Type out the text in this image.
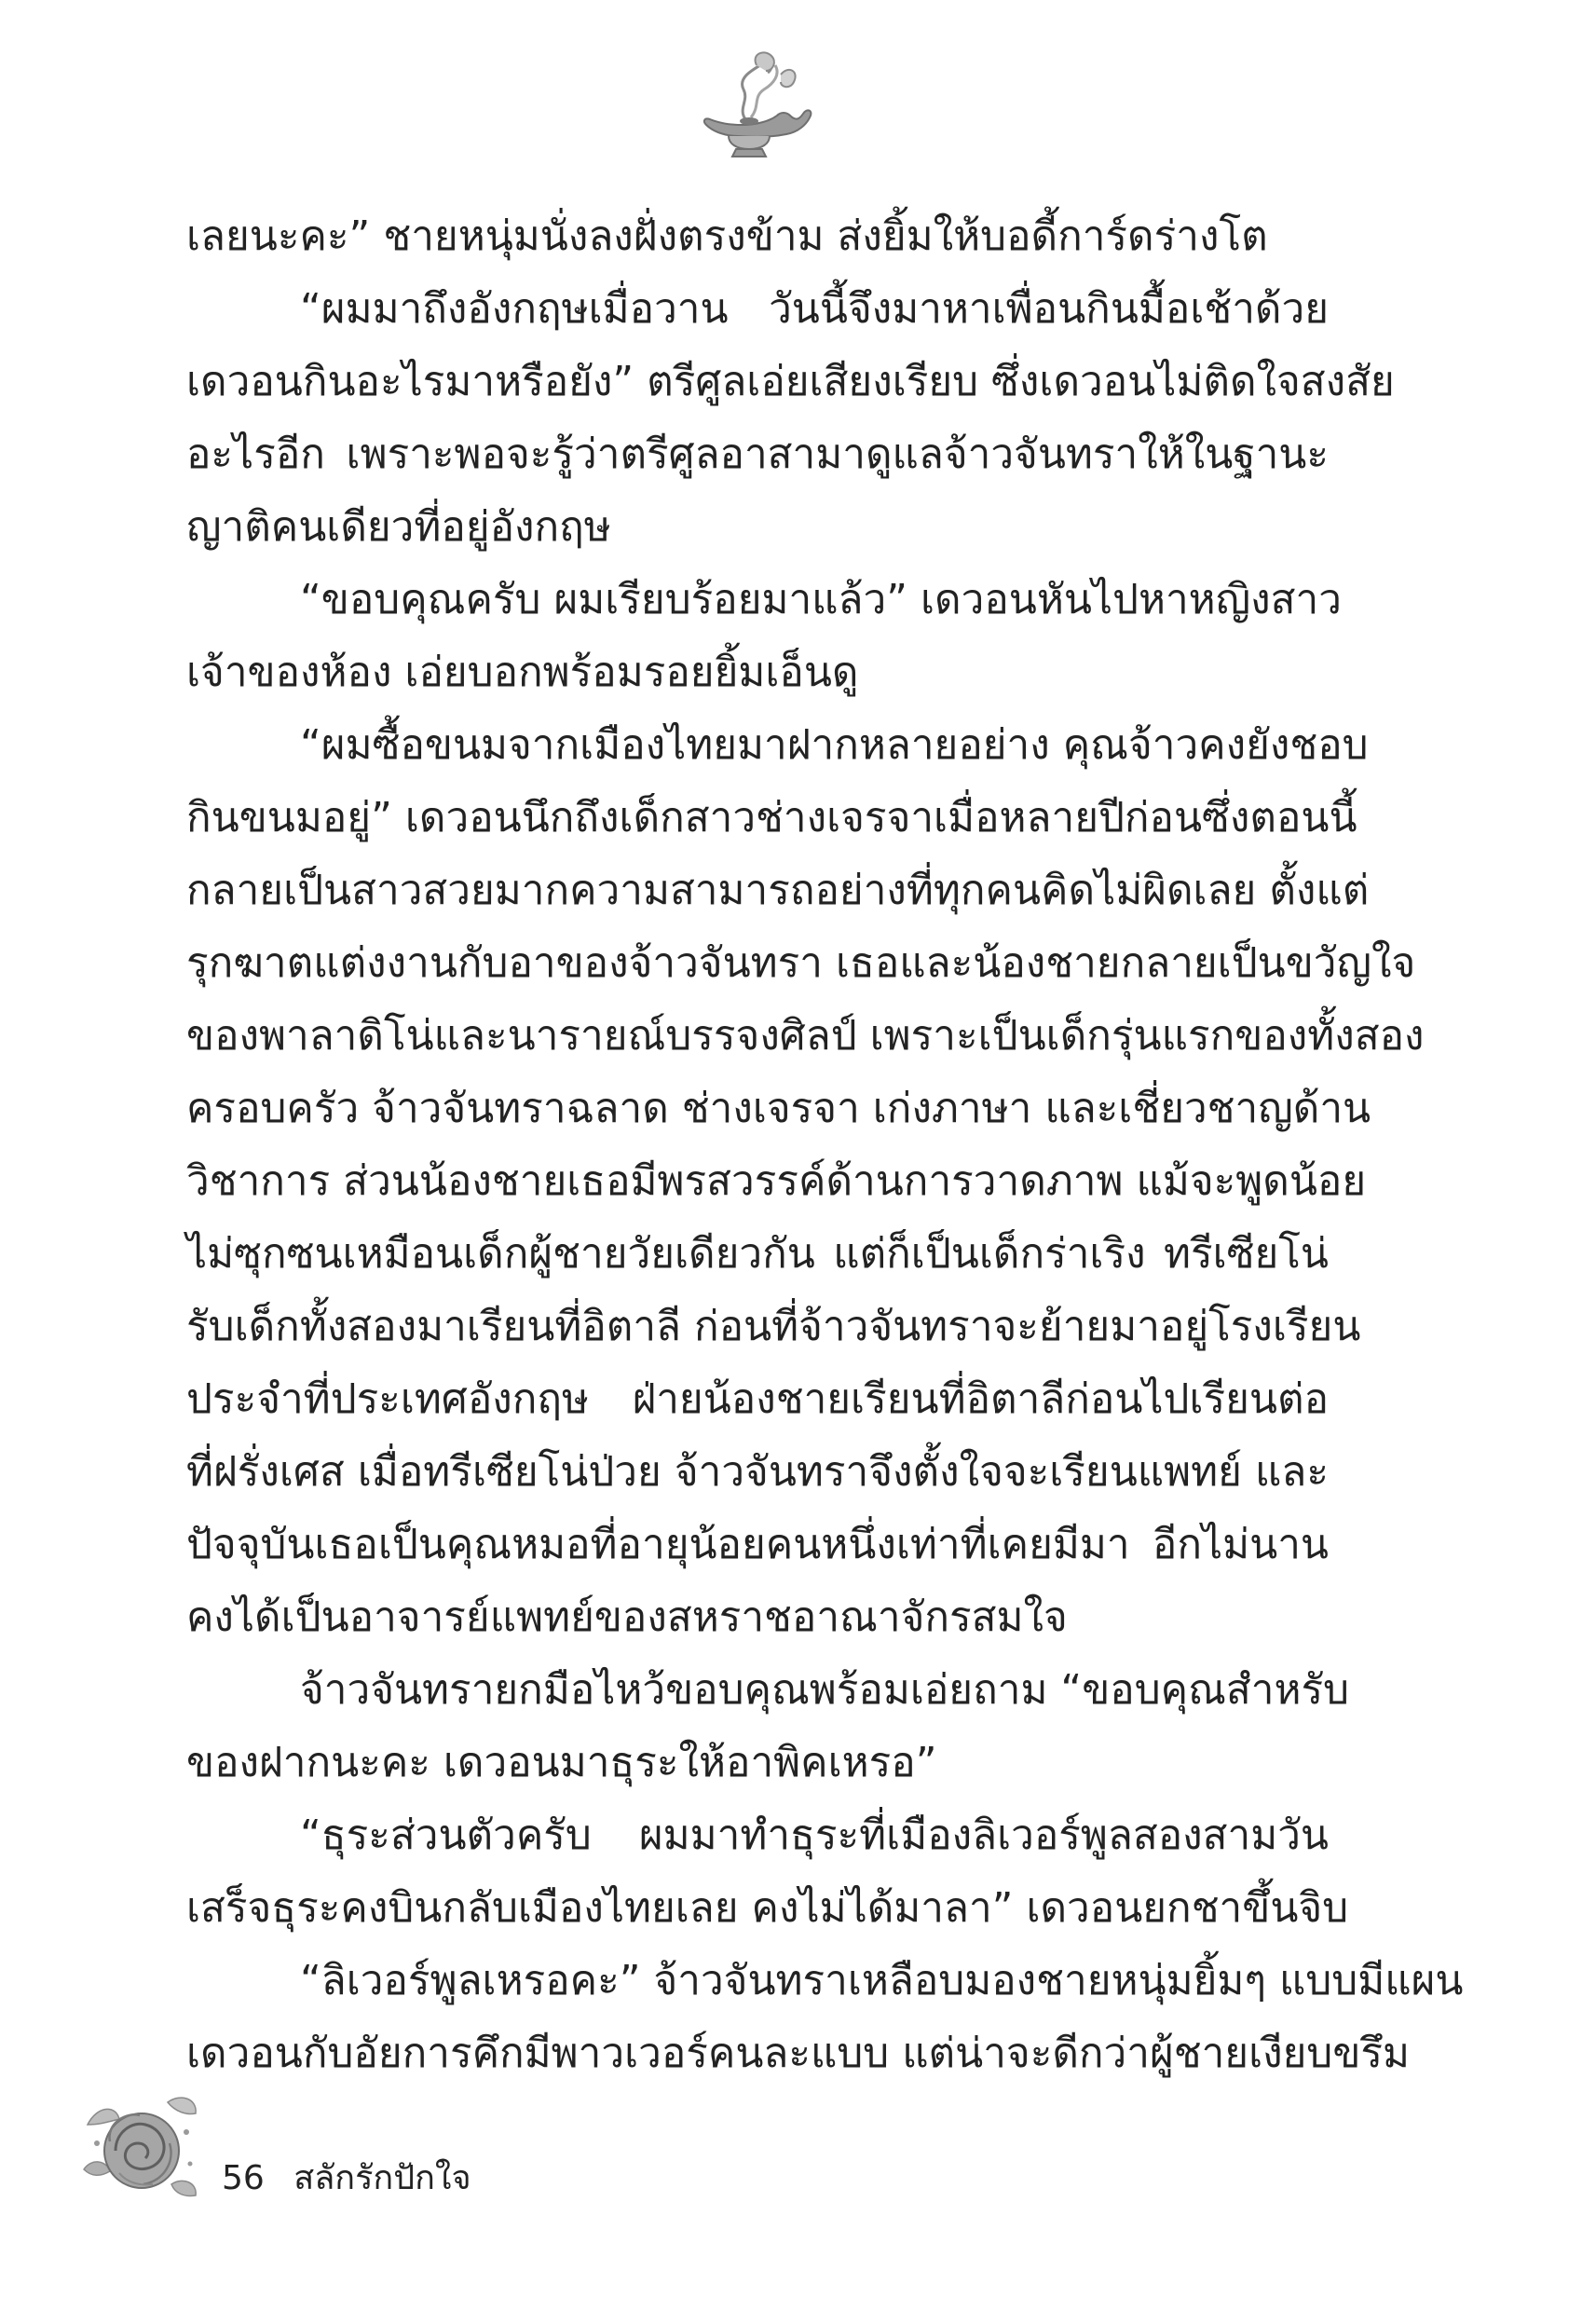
เลยนะคะ” ชายหนุ่มนั่งลงฝั่งตรงข้าม ส่งยิ้มให้บอดี้การ์ดร่างโต
“ผมมาถึงอังกฤษเมื่อวาน วันนี้จึงมาหาเพื่อนกินมื้อเช้าด้วย
เดวอนกินอะไรมาหรือยัง” ตรีศูลเอ่ยเสียงเรียบ ซึ่งเดวอนไม่ติดใจสงสัย
อะไรอีก เพราะพอจะรู้ว่าตรีศูลอาสามาดูแลจ้าวจันทราให้ในฐานะ
ญาติคนเดียวที่อยู่อังกฤษ
“ขอบคุณครับ ผมเรียบร้อยมาแล้ว” เดวอนหันไปหาหญิงสาว
เจ้าของห้อง เอ่ยบอกพร้อมรอยยิ้มเอ็นดู
“ผมซื้อขนมจากเมืองไทยมาฝากหลายอย่าง คุณจ้าวคงยังชอบ
กินขนมอยู่” เดวอนนึกถึงเด็กสาวช่างเจรจาเมื่อหลายปีก่อนซึ่งตอนนี้
กลายเป็นสาวสวยมากความสามารถอย่างที่ทุกคนคิดไม่ผิดเลย ตั้งแต่
รุกฆาตแต่งงานกับอาของจ้าวจันทรา เธอและน้องชายกลายเป็นขวัญใจ
ของพาลาดิโน่และนารายณ์บรรจงศิลป์ เพราะเป็นเด็กรุ่นแรกของทั้งสอง
ครอบครัว จ้าวจันทราฉลาด ช่างเจรจา เก่งภาษา และเชี่ยวชาญด้าน
วิชาการ ส่วนน้องชายเธอมีพรสวรรค์ด้านการวาดภาพ แม้จะพูดน้อย
ไม่ซุกซนเหมือนเด็กผู้ชายวัยเดียวกัน แต่ก็เป็นเด็กร่าเริง ทรีเซียโน่
รับเด็กทั้งสองมาเรียนที่อิตาลี ก่อนที่จ้าวจันทราจะย้ายมาอยู่โรงเรียน
ประจำที่ประเทศอังกฤษ ฝ่ายน้องชายเรียนที่อิตาลีก่อนไปเรียนต่อ
ที่ฝรั่งเศส เมื่อทรีเซียโน่ป่วย จ้าวจันทราจึงตั้งใจจะเรียนแพทย์ และ
ปัจจุบันเธอเป็นคุณหมอที่อายุน้อยคนหนึ่งเท่าที่เคยมีมา อีกไม่นาน
คงได้เป็นอาจารย์แพทย์ของสหราชอาณาจักรสมใจ
จ้าวจันทรายกมือไหว้ขอบคุณพร้อมเอ่ยถาม “ขอบคุณสำหรับ
ของฝากนะคะ เดวอนมาธุระให้อาพิคเหรอ”
“ธุระส่วนตัวครับ ผมมาทำธุระที่เมืองลิเวอร์พูลสองสามวัน
เสร็จธุระคงบินกลับเมืองไทยเลย คงไม่ได้มาลา” เดวอนยกชาขึ้นจิบ
“ลิเวอร์พูลเหรอคะ” จ้าวจันทราเหลือบมองชายหนุ่มยิ้มๆ แบบมีแผน
เดวอนกับอัยการคึกมีพาวเวอร์คนละแบบ แต่น่าจะดีกว่าผู้ชายเงียบขรึม
56 สลักรักปักใจ
